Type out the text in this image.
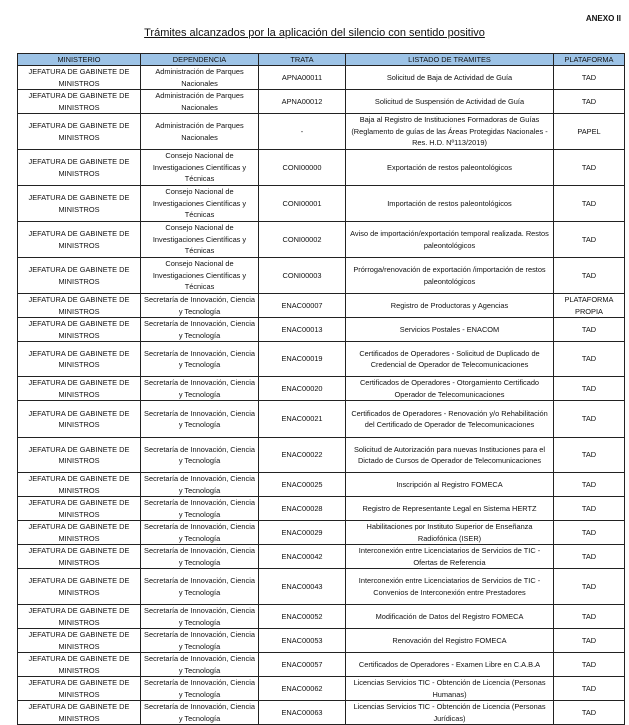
ANEXO II
Trámites alcanzados por la aplicación del silencio con sentido positivo
MINISTERIO	DEPENDENCIA	TRATA	LISTADO DE TRAMITES	PLATAFORMA
JEFATURA DE GABINETE DE MINISTROS	Administración de Parques Nacionales	APNA00011	Solicitud de Baja de Actividad de Guía	TAD
JEFATURA DE GABINETE DE MINISTROS	Administración de Parques Nacionales	APNA00012	Solicitud de Suspensión de Actividad de Guía	TAD
JEFATURA DE GABINETE DE MINISTROS	Administración de Parques Nacionales	-	Baja al Registro de Instituciones Formadoras de Guías (Reglamento de guías de las Áreas Protegidas Nacionales - Res. H.D. Nº113/2019)	PAPEL
JEFATURA DE GABINETE DE MINISTROS	Consejo Nacional de Investigaciones Científicas y Técnicas	CONI00000	Exportación de restos paleontológicos	TAD
JEFATURA DE GABINETE DE MINISTROS	Consejo Nacional de Investigaciones Científicas y Técnicas	CONI00001	Importación de restos paleontológicos	TAD
JEFATURA DE GABINETE DE MINISTROS	Consejo Nacional de Investigaciones Científicas y Técnicas	CONI00002	Aviso de importación/exportación temporal realizada. Restos paleontológicos	TAD
JEFATURA DE GABINETE DE MINISTROS	Consejo Nacional de Investigaciones Científicas y Técnicas	CONI00003	Prórroga/renovación de exportación /importación de restos paleontológicos	TAD
JEFATURA DE GABINETE DE MINISTROS	Secretaría de Innovación, Ciencia y Tecnología	ENAC00007	Registro de Productoras y Agencias	PLATAFORMA PROPIA
JEFATURA DE GABINETE DE MINISTROS	Secretaría de Innovación, Ciencia y Tecnología	ENAC00013	Servicios Postales - ENACOM	TAD
JEFATURA DE GABINETE DE MINISTROS	Secretaría de Innovación, Ciencia y Tecnología	ENAC00019	Certificados de Operadores - Solicitud de Duplicado de Credencial de Operador de Telecomunicaciones	TAD
JEFATURA DE GABINETE DE MINISTROS	Secretaría de Innovación, Ciencia y Tecnología	ENAC00020	Certificados de Operadores - Otorgamiento Certificado Operador de Telecomunicaciones	TAD
JEFATURA DE GABINETE DE MINISTROS	Secretaría de Innovación, Ciencia y Tecnología	ENAC00021	Certificados de Operadores - Renovación y/o Rehabilitación del Certificado de Operador de Telecomunicaciones	TAD
JEFATURA DE GABINETE DE MINISTROS	Secretaría de Innovación, Ciencia y Tecnología	ENAC00022	Solicitud de Autorización para nuevas Instituciones para el Dictado de Cursos de Operador de Telecomunicaciones	TAD
JEFATURA DE GABINETE DE MINISTROS	Secretaría de Innovación, Ciencia y Tecnología	ENAC00025	Inscripción al Registro FOMECA	TAD
JEFATURA DE GABINETE DE MINISTROS	Secretaría de Innovación, Ciencia y Tecnología	ENAC00028	Registro de Representante Legal en Sistema HERTZ	TAD
JEFATURA DE GABINETE DE MINISTROS	Secretaría de Innovación, Ciencia y Tecnología	ENAC00029	Habilitaciones por Instituto Superior de Enseñanza Radiofónica (ISER)	TAD
JEFATURA DE GABINETE DE MINISTROS	Secretaría de Innovación, Ciencia y Tecnología	ENAC00042	Interconexión entre Licenciatarios de Servicios de TIC - Ofertas de Referencia	TAD
JEFATURA DE GABINETE DE MINISTROS	Secretaría de Innovación, Ciencia y Tecnología	ENAC00043	Interconexión entre Licenciatarios de Servicios de TIC - Convenios de Interconexión entre Prestadores	TAD
JEFATURA DE GABINETE DE MINISTROS	Secretaría de Innovación, Ciencia y Tecnología	ENAC00052	Modificación de Datos del Registro FOMECA	TAD
JEFATURA DE GABINETE DE MINISTROS	Secretaría de Innovación, Ciencia y Tecnología	ENAC00053	Renovación del Registro FOMECA	TAD
JEFATURA DE GABINETE DE MINISTROS	Secretaría de Innovación, Ciencia y Tecnología	ENAC00057	Certificados de Operadores - Examen Libre en C.A.B.A	TAD
JEFATURA DE GABINETE DE MINISTROS	Secretaría de Innovación, Ciencia y Tecnología	ENAC00062	Licencias Servicios TIC - Obtención de Licencia (Personas Humanas)	TAD
JEFATURA DE GABINETE DE MINISTROS	Secretaría de Innovación, Ciencia y Tecnología	ENAC00063	Licencias Servicios TIC - Obtención de Licencia (Personas Jurídicas)	TAD
